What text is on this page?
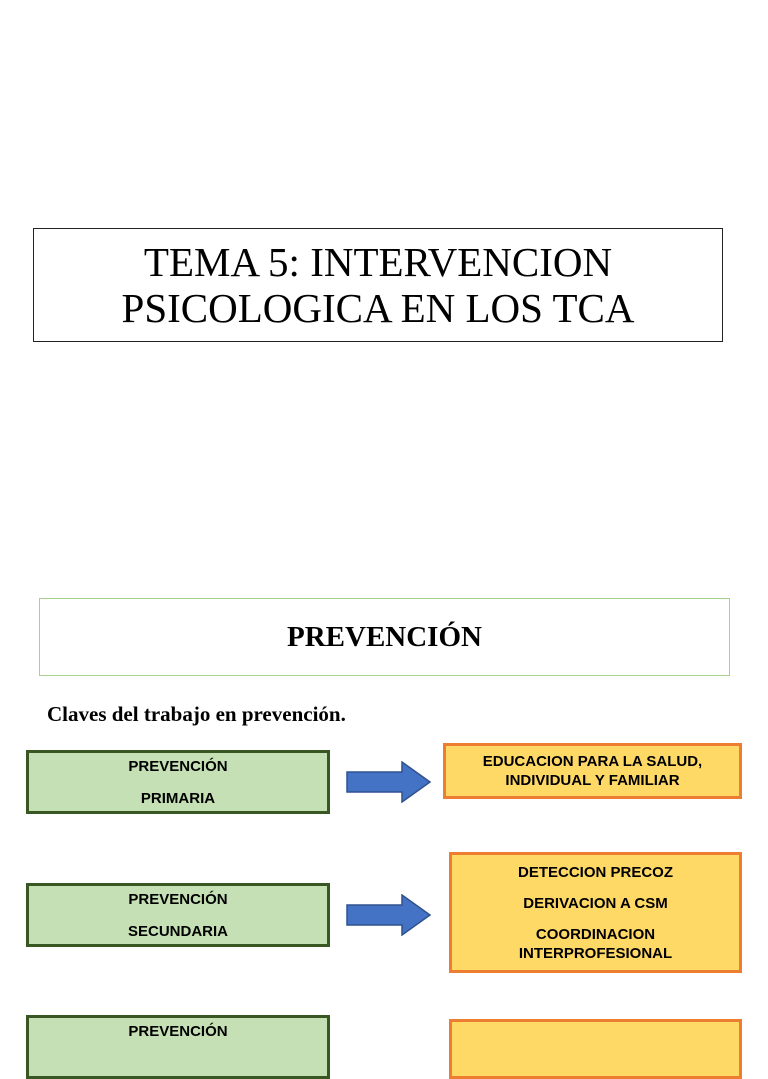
TEMA 5: INTERVENCION
PSICOLOGICA EN LOS TCA
PREVENCIÓN
Claves del trabajo en prevención.
PREVENCIÓN
PRIMARIA
EDUCACION PARA LA SALUD, INDIVIDUAL Y FAMILIAR
PREVENCIÓN
SECUNDARIA
DETECCION PRECOZ
DERIVACION A CSM
COORDINACION INTERPROFESIONAL
PREVENCIÓN
